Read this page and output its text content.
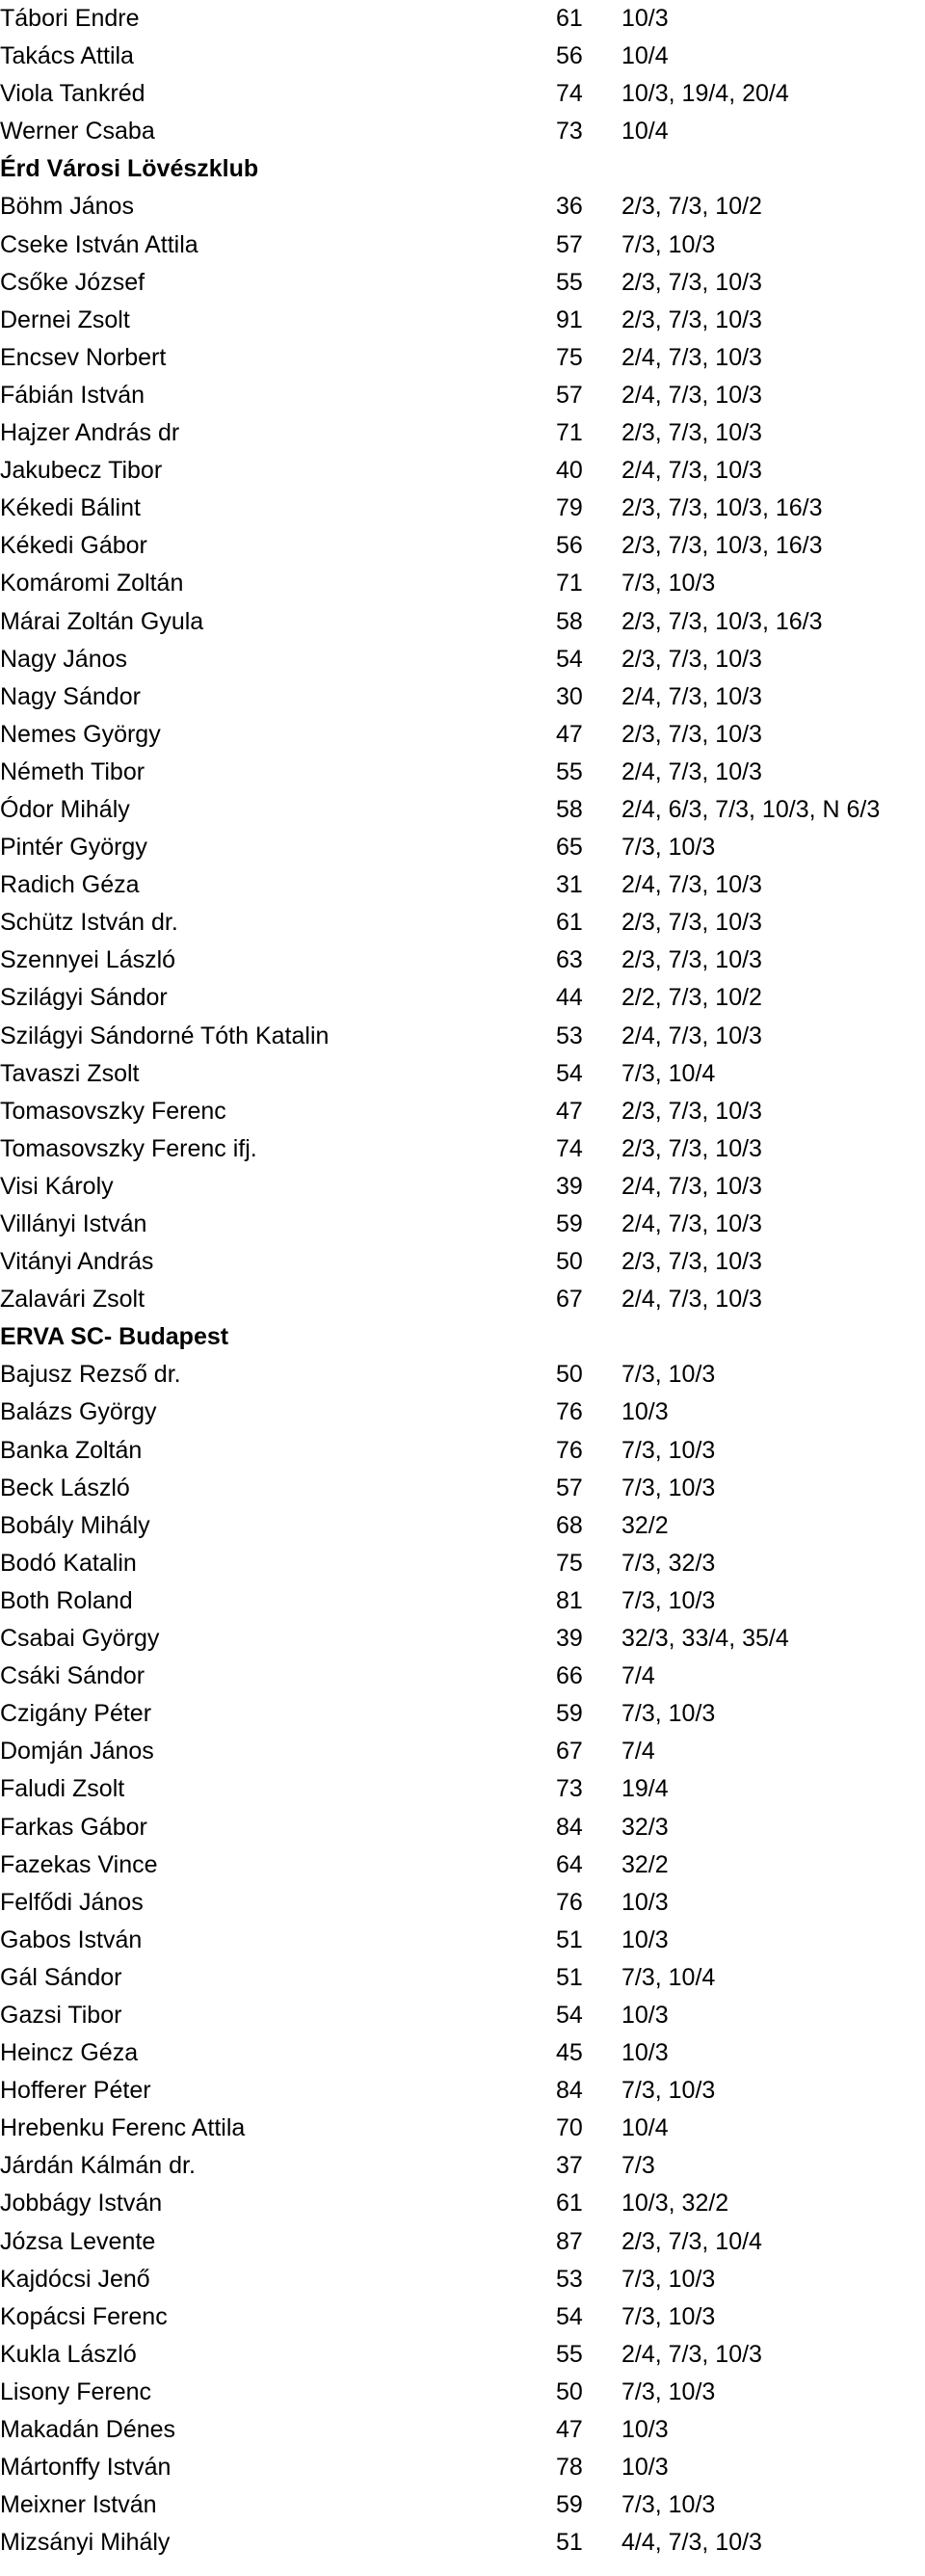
Tábori Endre	61 10/3
Takács Attila	56 10/4
Viola Tankréd	74 10/3, 19/4, 20/4
Werner Csaba	73 10/4
Érd Városi Lövészklub
Böhm János	36 2/3, 7/3, 10/2
Cseke István Attila	57 7/3, 10/3
Csőke József	55 2/3, 7/3, 10/3
Dernei Zsolt	91 2/3, 7/3, 10/3
Encsev Norbert	75 2/4, 7/3, 10/3
Fábián István	57 2/4, 7/3, 10/3
Hajzer András dr	71 2/3, 7/3, 10/3
Jakubecz Tibor	40 2/4, 7/3, 10/3
Kékedi Bálint	79 2/3, 7/3, 10/3, 16/3
Kékedi Gábor	56 2/3, 7/3, 10/3, 16/3
Komáromi Zoltán	71 7/3, 10/3
Márai Zoltán Gyula	58 2/3, 7/3, 10/3, 16/3
Nagy János	54 2/3, 7/3, 10/3
Nagy Sándor	30 2/4, 7/3, 10/3
Nemes György	47 2/3, 7/3, 10/3
Németh Tibor	55 2/4, 7/3, 10/3
Ódor Mihály	58 2/4, 6/3, 7/3, 10/3, N 6/3
Pintér György	65 7/3, 10/3
Radich Géza	31 2/4, 7/3, 10/3
Schütz István dr.	61 2/3, 7/3, 10/3
Szennyei László	63 2/3, 7/3, 10/3
Szilágyi Sándor	44 2/2, 7/3, 10/2
Szilágyi Sándorné Tóth Katalin	53 2/4, 7/3, 10/3
Tavaszi Zsolt	54 7/3, 10/4
Tomasovszky Ferenc	47 2/3, 7/3, 10/3
Tomasovszky Ferenc ifj.	74 2/3, 7/3, 10/3
Visi Károly	39 2/4, 7/3, 10/3
Villányi István	59 2/4, 7/3, 10/3
Vitányi András	50 2/3, 7/3, 10/3
Zalavári Zsolt	67 2/4, 7/3, 10/3
ERVA SC- Budapest
Bajusz Rezső dr.	50 7/3, 10/3
Balázs György	76 10/3
Banka Zoltán	76 7/3, 10/3
Beck László	57 7/3, 10/3
Bobály Mihály	68 32/2
Bodó Katalin	75 7/3, 32/3
Both Roland	81 7/3, 10/3
Csabai György	39 32/3, 33/4, 35/4
Csáki Sándor	66 7/4
Czigány Péter	59 7/3, 10/3
Domján János	67 7/4
Faludi Zsolt	73 19/4
Farkas Gábor	84 32/3
Fazekas Vince	64 32/2
Felfődi János	76 10/3
Gabos István	51 10/3
Gál Sándor	51 7/3, 10/4
Gazsi Tibor	54 10/3
Heincz Géza	45 10/3
Hofferer Péter	84 7/3, 10/3
Hrebenku Ferenc Attila	70 10/4
Járdán Kálmán dr.	37 7/3
Jobbágy István	61 10/3, 32/2
Józsa Levente	87 2/3, 7/3, 10/4
Kajdócsi Jenő	53 7/3, 10/3
Kopácsi Ferenc	54 7/3, 10/3
Kukla László	55 2/4, 7/3, 10/3
Lisony Ferenc	50 7/3, 10/3
Makadán Dénes	47 10/3
Mártonffy István	78 10/3
Meixner István	59 7/3, 10/3
Mizsányi Mihály	51 4/4, 7/3, 10/3
